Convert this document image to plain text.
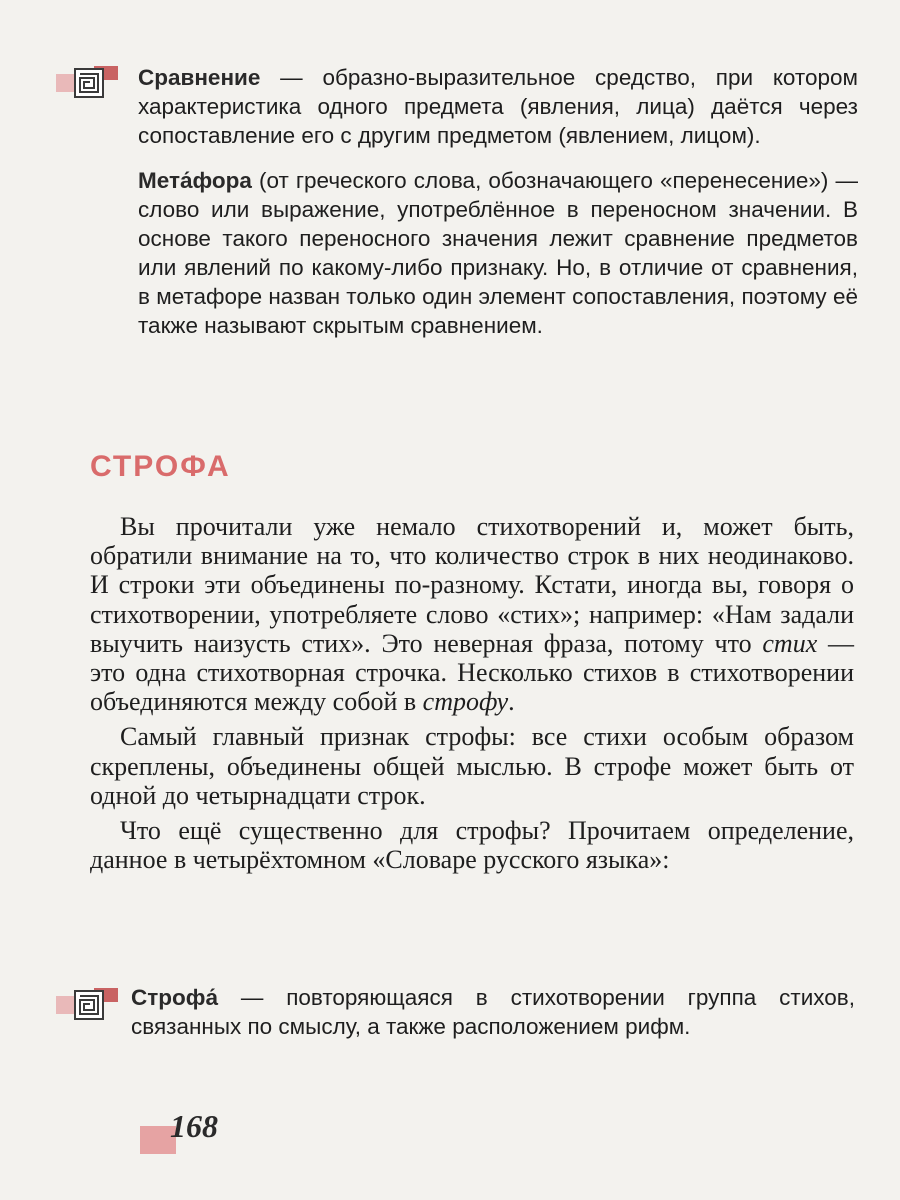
Сравнение — образно-выразительное средство, при котором характеристика одного предмета (явления, лица) даётся через сопоставление его с другим предметом (явлением, лицом).

Мета́фора (от греческого слова, обозначающего «перенесение») — слово или выражение, употреблённое в переносном значении. В основе такого переносного значения лежит сравнение предметов или явлений по какому-либо признаку. Но, в отличие от сравнения, в метафоре назван только один элемент сопоставления, поэтому её также называют скрытым сравнением.

СТРОФА

Вы прочитали уже немало стихотворений и, может быть, обратили внимание на то, что количество строк в них неодинаково. И строки эти объединены по-разному. Кстати, иногда вы, говоря о стихотворении, употребляете слово «стих»; например: «Нам задали выучить наизусть стих». Это неверная фраза, потому что стих — это одна стихотворная строчка. Несколько стихов в стихотворении объединяются между собой в строфу.

Самый главный признак строфы: все стихи особым образом скреплены, объединены общей мыслью. В строфе может быть от одной до четырнадцати строк.

Что ещё существенно для строфы? Прочитаем определение, данное в четырёхтомном «Словаре русского языка»:

Строфа́ — повторяющаяся в стихотворении группа стихов, связанных по смыслу, а также расположением рифм.

168
